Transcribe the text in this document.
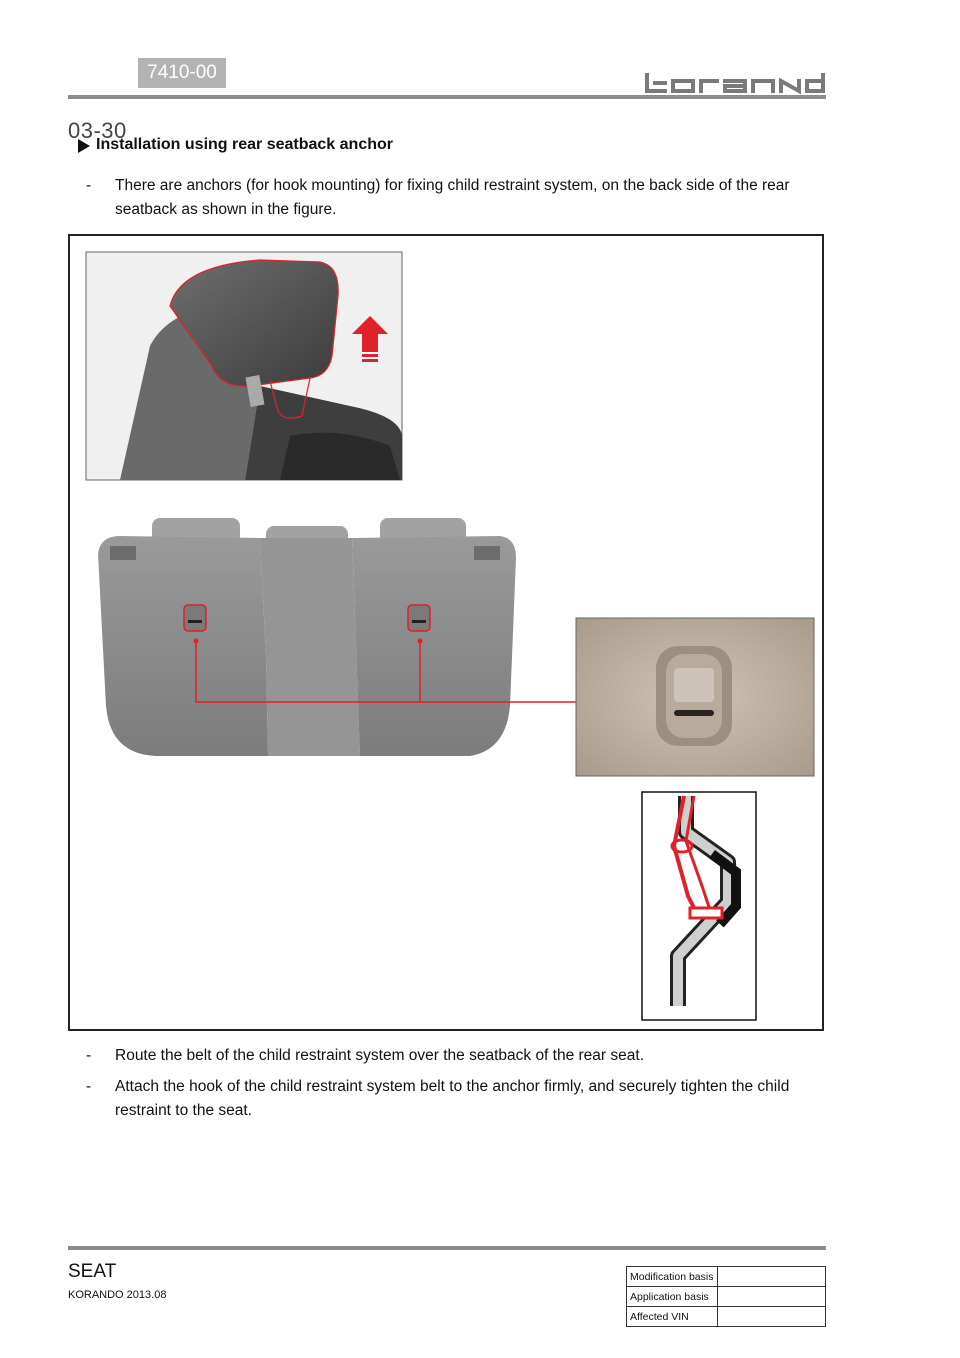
03-30
7410-00
Installation using rear seatback anchor
- There are anchors (for hook mounting) for fixing child restraint system, on the back side of the rear
seatback as shown in the figure.
- Route the belt of the child restraint system over the seatback of the rear seat.
- Attach the hook of the child restraint system belt to the anchor firmly, and securely tighten the child
restraint to the seat.
SEAT
KORANDO 2013.08
Modification basis	
Application basis	
Affected VIN	
